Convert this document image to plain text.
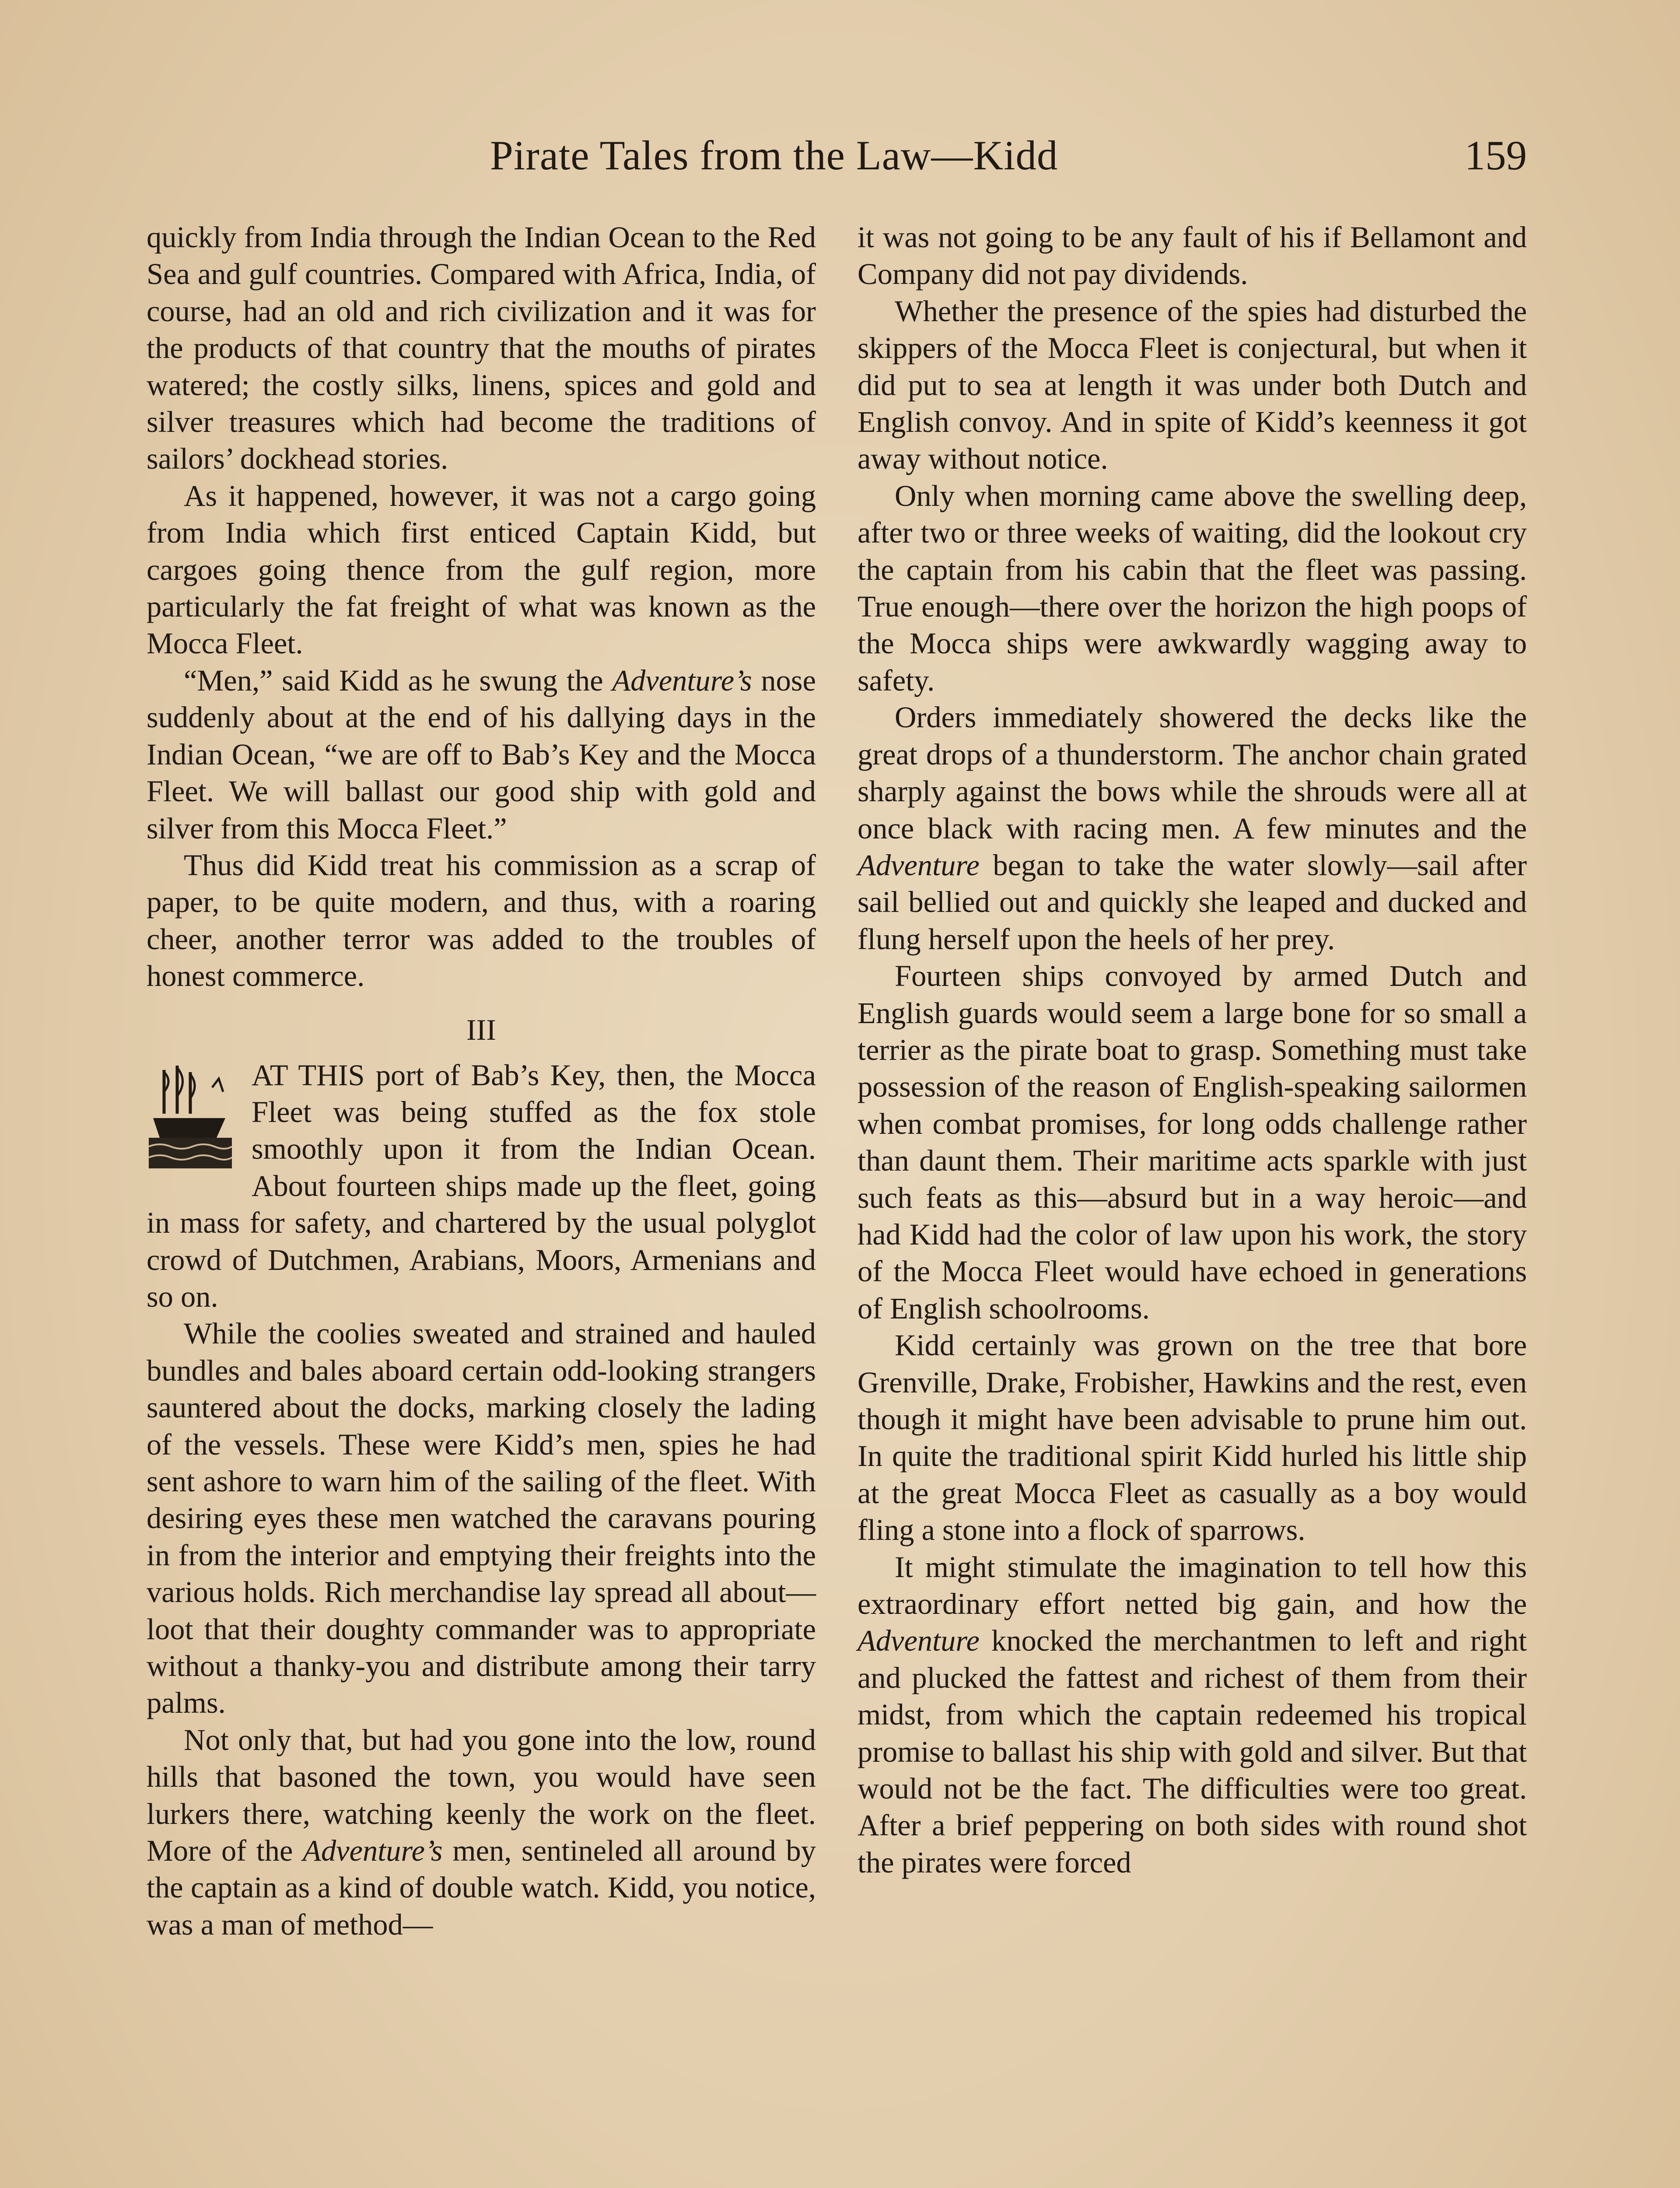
Pirate Tales from the Law—Kidd	159

quickly from India through the Indian Ocean to the Red Sea and gulf countries. Compared with Africa, India, of course, had an old and rich civilization and it was for the products of that country that the mouths of pirates watered; the costly silks, linens, spices and gold and silver treasures which had become the traditions of sailors’ dockhead stories.

As it happened, however, it was not a cargo going from India which first enticed Captain Kidd, but cargoes going thence from the gulf region, more particularly the fat freight of what was known as the Mocca Fleet.

“Men,” said Kidd as he swung the Adventure’s nose suddenly about at the end of his dallying days in the Indian Ocean, “we are off to Bab’s Key and the Mocca Fleet. We will ballast our good ship with gold and silver from this Mocca Fleet.”

Thus did Kidd treat his commission as a scrap of paper, to be quite modern, and thus, with a roaring cheer, another terror was added to the troubles of honest commerce.

III

AT THIS port of Bab’s Key, then, the Mocca Fleet was being stuffed as the fox stole smoothly upon it from the Indian Ocean. About fourteen ships made up the fleet, going in mass for safety, and chartered by the usual polyglot crowd of Dutchmen, Arabians, Moors, Armenians and so on.

While the coolies sweated and strained and hauled bundles and bales aboard certain odd-looking strangers sauntered about the docks, marking closely the lading of the vessels. These were Kidd’s men, spies he had sent ashore to warn him of the sailing of the fleet. With desiring eyes these men watched the caravans pouring in from the interior and emptying their freights into the various holds. Rich merchandise lay spread all about—loot that their doughty commander was to appropriate without a thanky-you and distribute among their tarry palms.

Not only that, but had you gone into the low, round hills that basoned the town, you would have seen lurkers there, watching keenly the work on the fleet. More of the Adventure’s men, sentineled all around by the captain as a kind of double watch. Kidd, you notice, was a man of method—

it was not going to be any fault of his if Bellamont and Company did not pay dividends.

Whether the presence of the spies had disturbed the skippers of the Mocca Fleet is conjectural, but when it did put to sea at length it was under both Dutch and English convoy. And in spite of Kidd’s keenness it got away without notice.

Only when morning came above the swelling deep, after two or three weeks of waiting, did the lookout cry the captain from his cabin that the fleet was passing. True enough—there over the horizon the high poops of the Mocca ships were awkwardly wagging away to safety.

Orders immediately showered the decks like the great drops of a thunderstorm. The anchor chain grated sharply against the bows while the shrouds were all at once black with racing men. A few minutes and the Adventure began to take the water slowly—sail after sail bellied out and quickly she leaped and ducked and flung herself upon the heels of her prey.

Fourteen ships convoyed by armed Dutch and English guards would seem a large bone for so small a terrier as the pirate boat to grasp. Something must take possession of the reason of English-speaking sailormen when combat promises, for long odds challenge rather than daunt them. Their maritime acts sparkle with just such feats as this—absurd but in a way heroic—and had Kidd had the color of law upon his work, the story of the Mocca Fleet would have echoed in generations of English schoolrooms.

Kidd certainly was grown on the tree that bore Grenville, Drake, Frobisher, Hawkins and the rest, even though it might have been advisable to prune him out. In quite the traditional spirit Kidd hurled his little ship at the great Mocca Fleet as casually as a boy would fling a stone into a flock of sparrows.

It might stimulate the imagination to tell how this extraordinary effort netted big gain, and how the Adventure knocked the merchantmen to left and right and plucked the fattest and richest of them from their midst, from which the captain redeemed his tropical promise to ballast his ship with gold and silver. But that would not be the fact. The difficulties were too great. After a brief peppering on both sides with round shot the pirates were forced
